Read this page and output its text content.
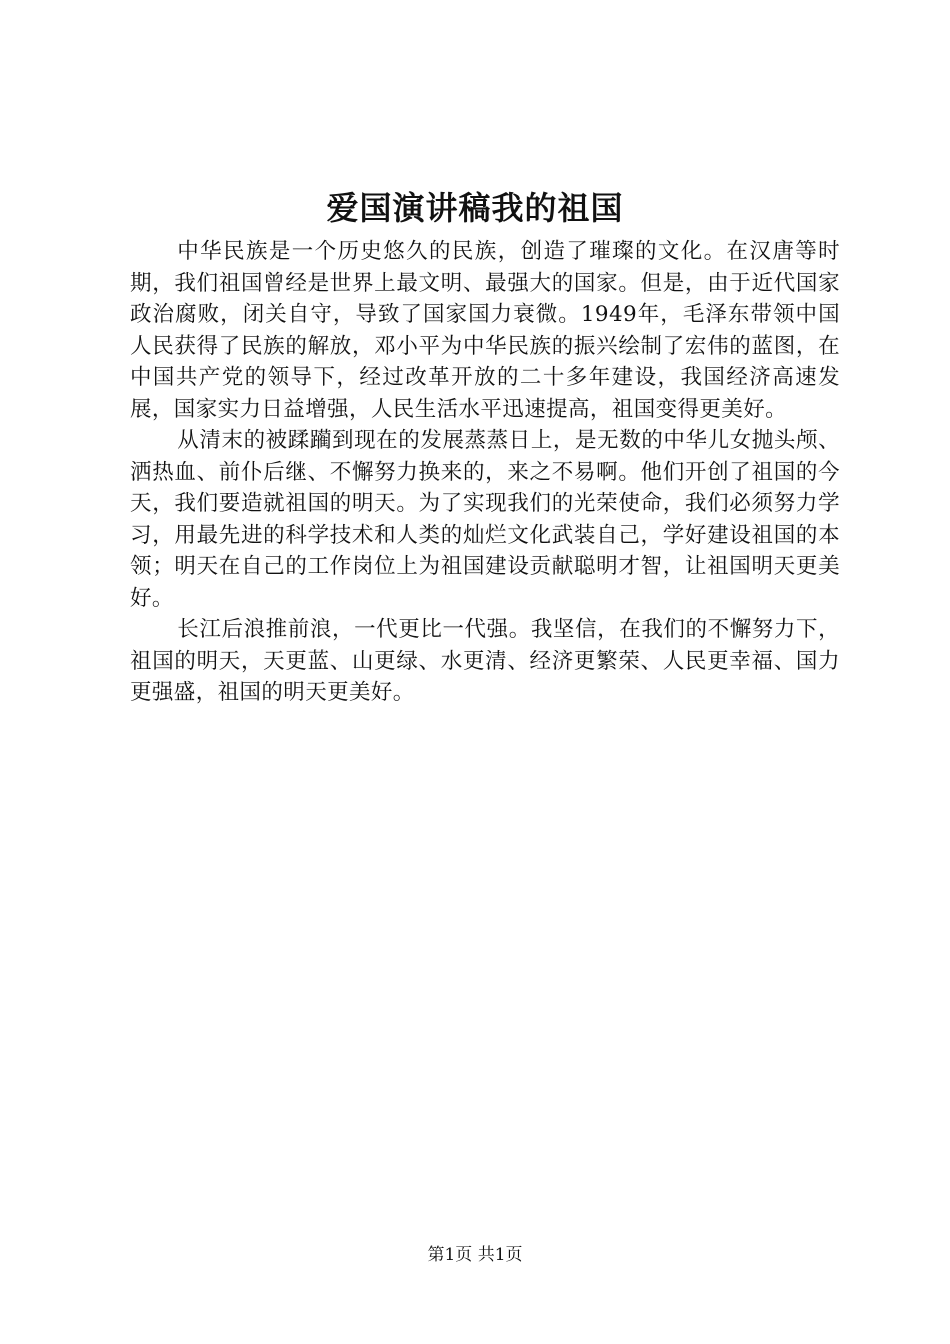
爱国演讲稿我的祖国

中华民族是一个历史悠久的民族，创造了璀璨的文化。在汉唐等时期，我们祖国曾经是世界上最文明、最强大的国家。但是，由于近代国家政治腐败，闭关自守，导致了国家国力衰微。1949年，毛泽东带领中国人民获得了民族的解放，邓小平为中华民族的振兴绘制了宏伟的蓝图，在中国共产党的领导下，经过改革开放的二十多年建设，我国经济高速发展，国家实力日益增强，人民生活水平迅速提高，祖国变得更美好。

从清末的被蹂躏到现在的发展蒸蒸日上，是无数的中华儿女抛头颅、洒热血、前仆后继、不懈努力换来的，来之不易啊。他们开创了祖国的今天，我们要造就祖国的明天。为了实现我们的光荣使命，我们必须努力学习，用最先进的科学技术和人类的灿烂文化武装自己，学好建设祖国的本领；明天在自己的工作岗位上为祖国建设贡献聪明才智，让祖国明天更美好。

长江后浪推前浪，一代更比一代强。我坚信，在我们的不懈努力下，祖国的明天，天更蓝、山更绿、水更清、经济更繁荣、人民更幸福、国力更强盛，祖国的明天更美好。

第1页 共1页
